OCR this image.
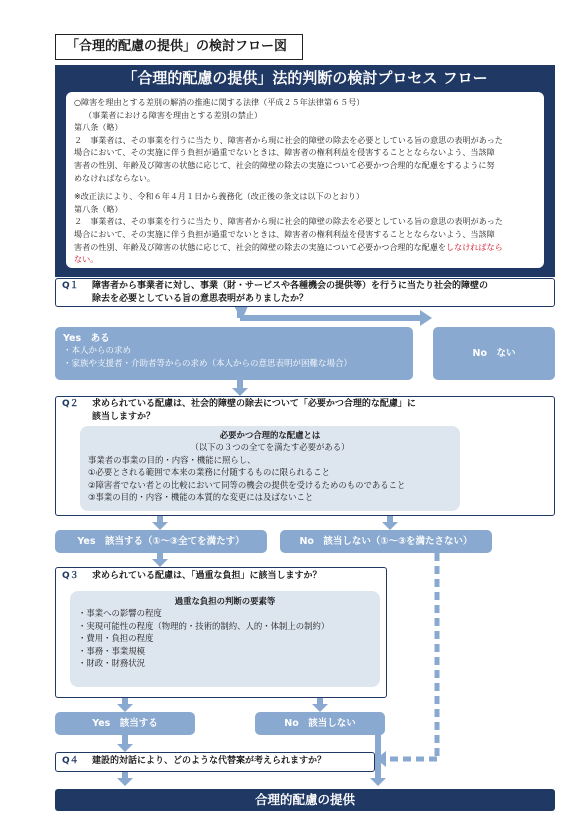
「合理的配慮の提供」の検討フロー図
「合理的配慮の提供」法的判断の検討プロセス フロー

○障害を理由とする差別の解消の推進に関する法律（平成２５年法律第６５号）

（事業者における障害を理由とする差別の禁止）

第八条（略）

２　事業者は、その事業を行うに当たり、障害者から現に社会的障壁の除去を必要としている旨の意思の表明があった

場合において、その実施に伴う負担が過重でないときは、障害者の権利利益を侵害することとならないよう、当該障

害者の性別、年齢及び障害の状態に応じて、社会的障壁の除去の実施について必要かつ合理的な配慮をするように努

めなければならない。

※改正法により、令和６年４月１日から義務化（改正後の条文は以下のとおり）

第八条（略）

２　事業者は、その事業を行うに当たり、障害者から現に社会的障壁の除去を必要としている旨の意思の表明があった

場合において、その実施に伴う負担が過重でないときは、障害者の権利利益を侵害することとならないよう、当該障

害者の性別、年齢及び障害の状態に応じて、社会的障壁の除去の実施について必要かつ合理的な配慮をしなければなら

ない。

Q１ 障害者から事業者に対し、事業（財・サービスや各種機会の提供等）を行うに当たり社会的障壁の
除去を必要としている旨の意思表明がありましたか？
Yes　ある
・本人からの求め
・家族や支援者・介助者等からの求め（本人からの意思表明が困難な場合）
No　ない
Q２ 求められている配慮は、社会的障壁の除去について「必要かつ合理的な配慮」に
該当しますか？
必要かつ合理的な配慮とは
（以下の３つの全てを満たす必要がある）
事業者の事業の目的・内容・機能に照らし、
①必要とされる範囲で本来の業務に付随するものに限られること
②障害者でない者との比較において同等の機会の提供を受けるためのものであること
③事業の目的・内容・機能の本質的な変更には及ばないこと
Yes　該当する（①～③全てを満たす）	No　該当しない（①～③を満たさない）
Q３ 求められている配慮は、「過重な負担」に該当しますか？
過重な負担の判断の要素等
・事業への影響の程度
・実現可能性の程度（物理的・技術的制約、人的・体制上の制約）
・費用・負担の程度
・事務・事業規模
・財政・財務状況
Yes　該当する	No　該当しない
Q４ 建設的対話により、どのような代替案が考えられますか？
合理的配慮の提供
